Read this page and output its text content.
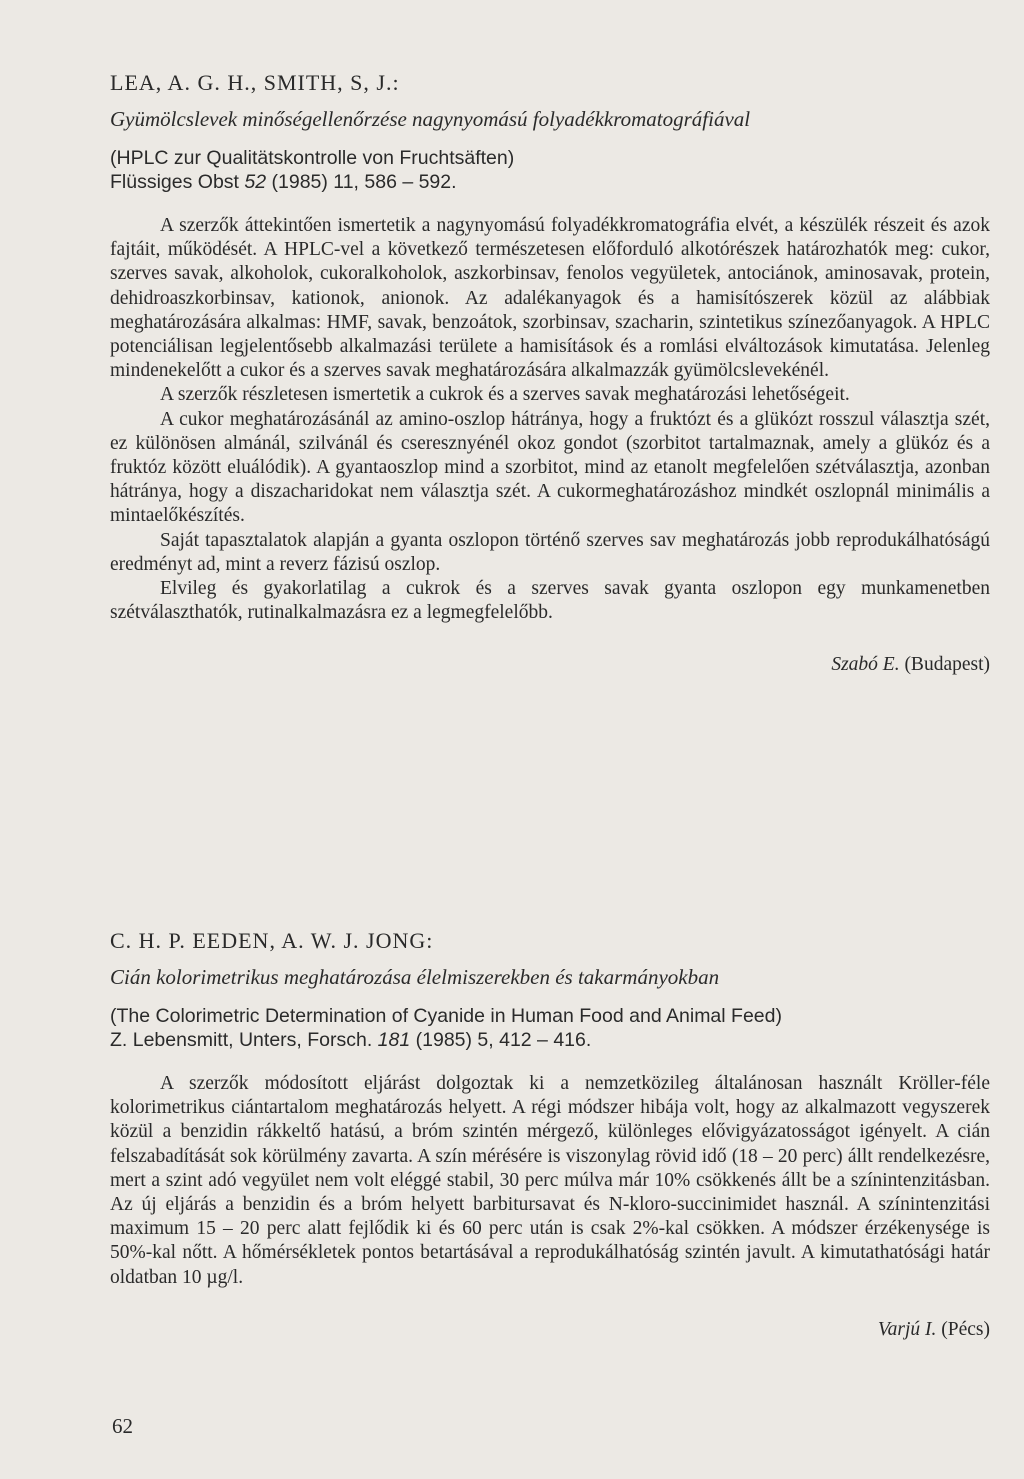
LEA, A. G. H., SMITH, S, J.:
Gyümölcslevek minőségellenőrzése nagynyomású folyadékkromatográfiával

(HPLC zur Qualitätskontrolle von Fruchtsäften)

Flüssiges Obst 52 (1985) 11, 586 – 592.

A szerzők áttekintően ismertetik a nagynyomású folyadékkromatográfia elvét, a készülék részeit és azok fajtáit, működését. A HPLC-vel a következő természetesen előforduló alkotórészek határozhatók meg: cukor, szerves savak, alkoholok, cukoralkoholok, aszkorbinsav, fenolos vegyületek, antociánok, aminosavak, protein, dehidroaszkorbinsav, kationok, anionok. Az adalékanyagok és a hamisítószerek közül az alábbiak meghatározására alkalmas: HMF, savak, benzoátok, szorbinsav, szacharin, szintetikus színezőanyagok. A HPLC potenciálisan legjelentősebb alkalmazási területe a hamisítások és a romlási elváltozások kimutatása. Jelenleg mindenekelőtt a cukor és a szerves savak meghatározására alkalmazzák gyümölcslevekénél.

A szerzők részletesen ismertetik a cukrok és a szerves savak meghatározási lehetőségeit.

A cukor meghatározásánál az amino-oszlop hátránya, hogy a fruktózt és a glükózt rosszul választja szét, ez különösen almánál, szilvánál és cseresznyénél okoz gondot (szorbitot tartalmaznak, amely a glükóz és a fruktóz között eluálódik). A gyantaoszlop mind a szorbitot, mind az etanolt megfelelően szétválasztja, azonban hátránya, hogy a diszacharidokat nem választja szét. A cukormeghatározáshoz mindkét oszlopnál minimális a mintaelőkészítés.

Saját tapasztalatok alapján a gyanta oszlopon történő szerves sav meghatározás jobb reprodukálhatóságú eredményt ad, mint a reverz fázisú oszlop.

Elvileg és gyakorlatilag a cukrok és a szerves savak gyanta oszlopon egy munkamenetben szétválaszthatók, rutinalkalmazásra ez a legmegfelelőbb.

Szabó E. (Budapest)
C. H. P. EEDEN, A. W. J. JONG:
Cián kolorimetrikus meghatározása élelmiszerekben és takarmányokban

(The Colorimetric Determination of Cyanide in Human Food and Animal Feed)

Z. Lebensmitt, Unters, Forsch. 181 (1985) 5, 412 – 416.

A szerzők módosított eljárást dolgoztak ki a nemzetközileg általánosan használt Kröller-féle kolorimetrikus ciántartalom meghatározás helyett. A régi módszer hibája volt, hogy az alkalmazott vegyszerek közül a benzidin rákkeltő hatású, a bróm szintén mérgező, különleges elővigyázatosságot igényelt. A cián felszabadítását sok körülmény zavarta. A szín mérésére is viszonylag rövid idő (18 – 20 perc) állt rendelkezésre, mert a szint adó vegyület nem volt eléggé stabil, 30 perc múlva már 10% csökkenés állt be a színintenzitásban. Az új eljárás a benzidin és a bróm helyett barbitursavat és N-kloro-succinimidet használ. A színintenzitási maximum 15 – 20 perc alatt fejlődik ki és 60 perc után is csak 2%-kal csökken. A módszer érzékenysége is 50%-kal nőtt. A hőmérsékletek pontos betartásával a reprodukálhatóság szintén javult. A kimutathatósági határ oldatban 10 µg/l.

Varjú I. (Pécs)
62
